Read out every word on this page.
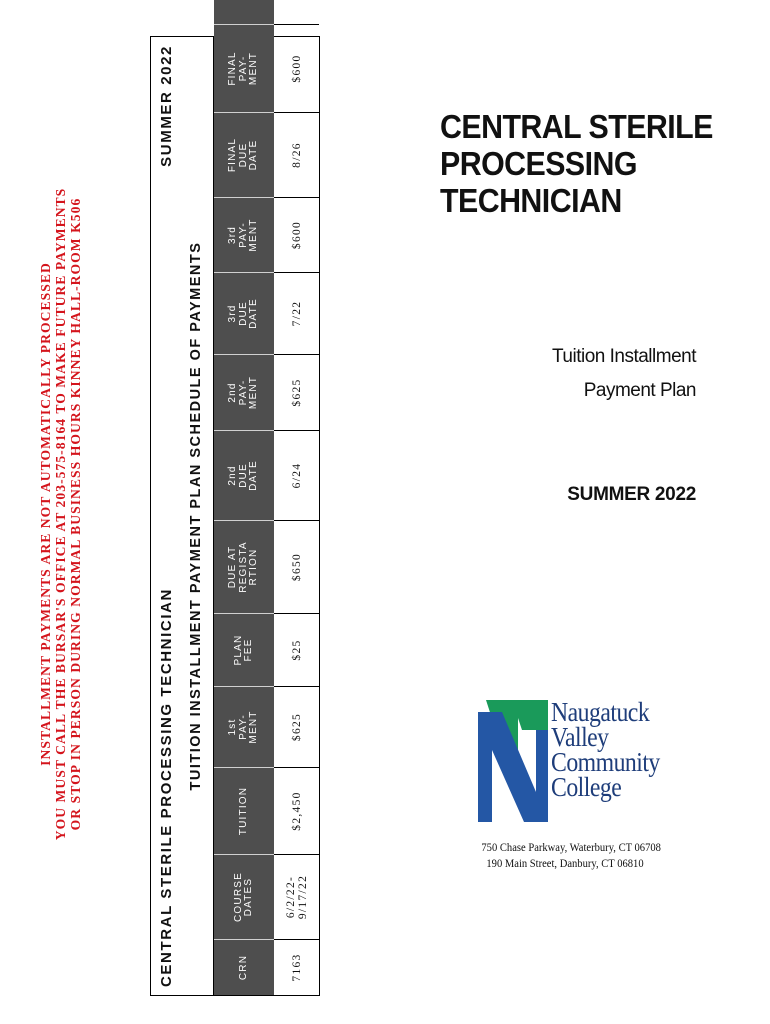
INSTALLMENT PAYMENTS ARE NOT AUTOMATICALLY PROCESSED YOU MUST CALL THE BURSAR'S OFFICE AT 203-575-8164 TO MAKE FUTURE PAYMENTS OR STOP IN PERSON DURING NORMAL BUSINESS HOURS KINNEY HALL-ROOM K506	CENTRAL STERILE PROCESSING TECHNICIAN
SUMMER 2022
TUITION INSTALLMENT PAYMENT PLAN SCHEDULE OF PAYMENTS
CRN
COURSE
DATES
TUITION
1st
PAY-
MENT
PLAN
FEE
DUE AT
REGISTA
RTION
2nd
DUE
DATE
2nd
PAY-
MENT
3rd
DUE
DATE
3rd
PAY-
MENT
FINAL
DUE
DATE
FINAL
PAY-
MENT
7163
6/2/22-
9/17/22
$2,450
$625
$25
$650
6/24
$625
7/22
$600
8/26
$600
CENTRAL STERILE
PROCESSING
TECHNICIAN
Tuition Installment
Payment Plan
SUMMER 2022
Naugatuck
Valley
Community
College
750 Chase Parkway, Waterbury, CT 06708
190 Main Street, Danbury, CT 06810
